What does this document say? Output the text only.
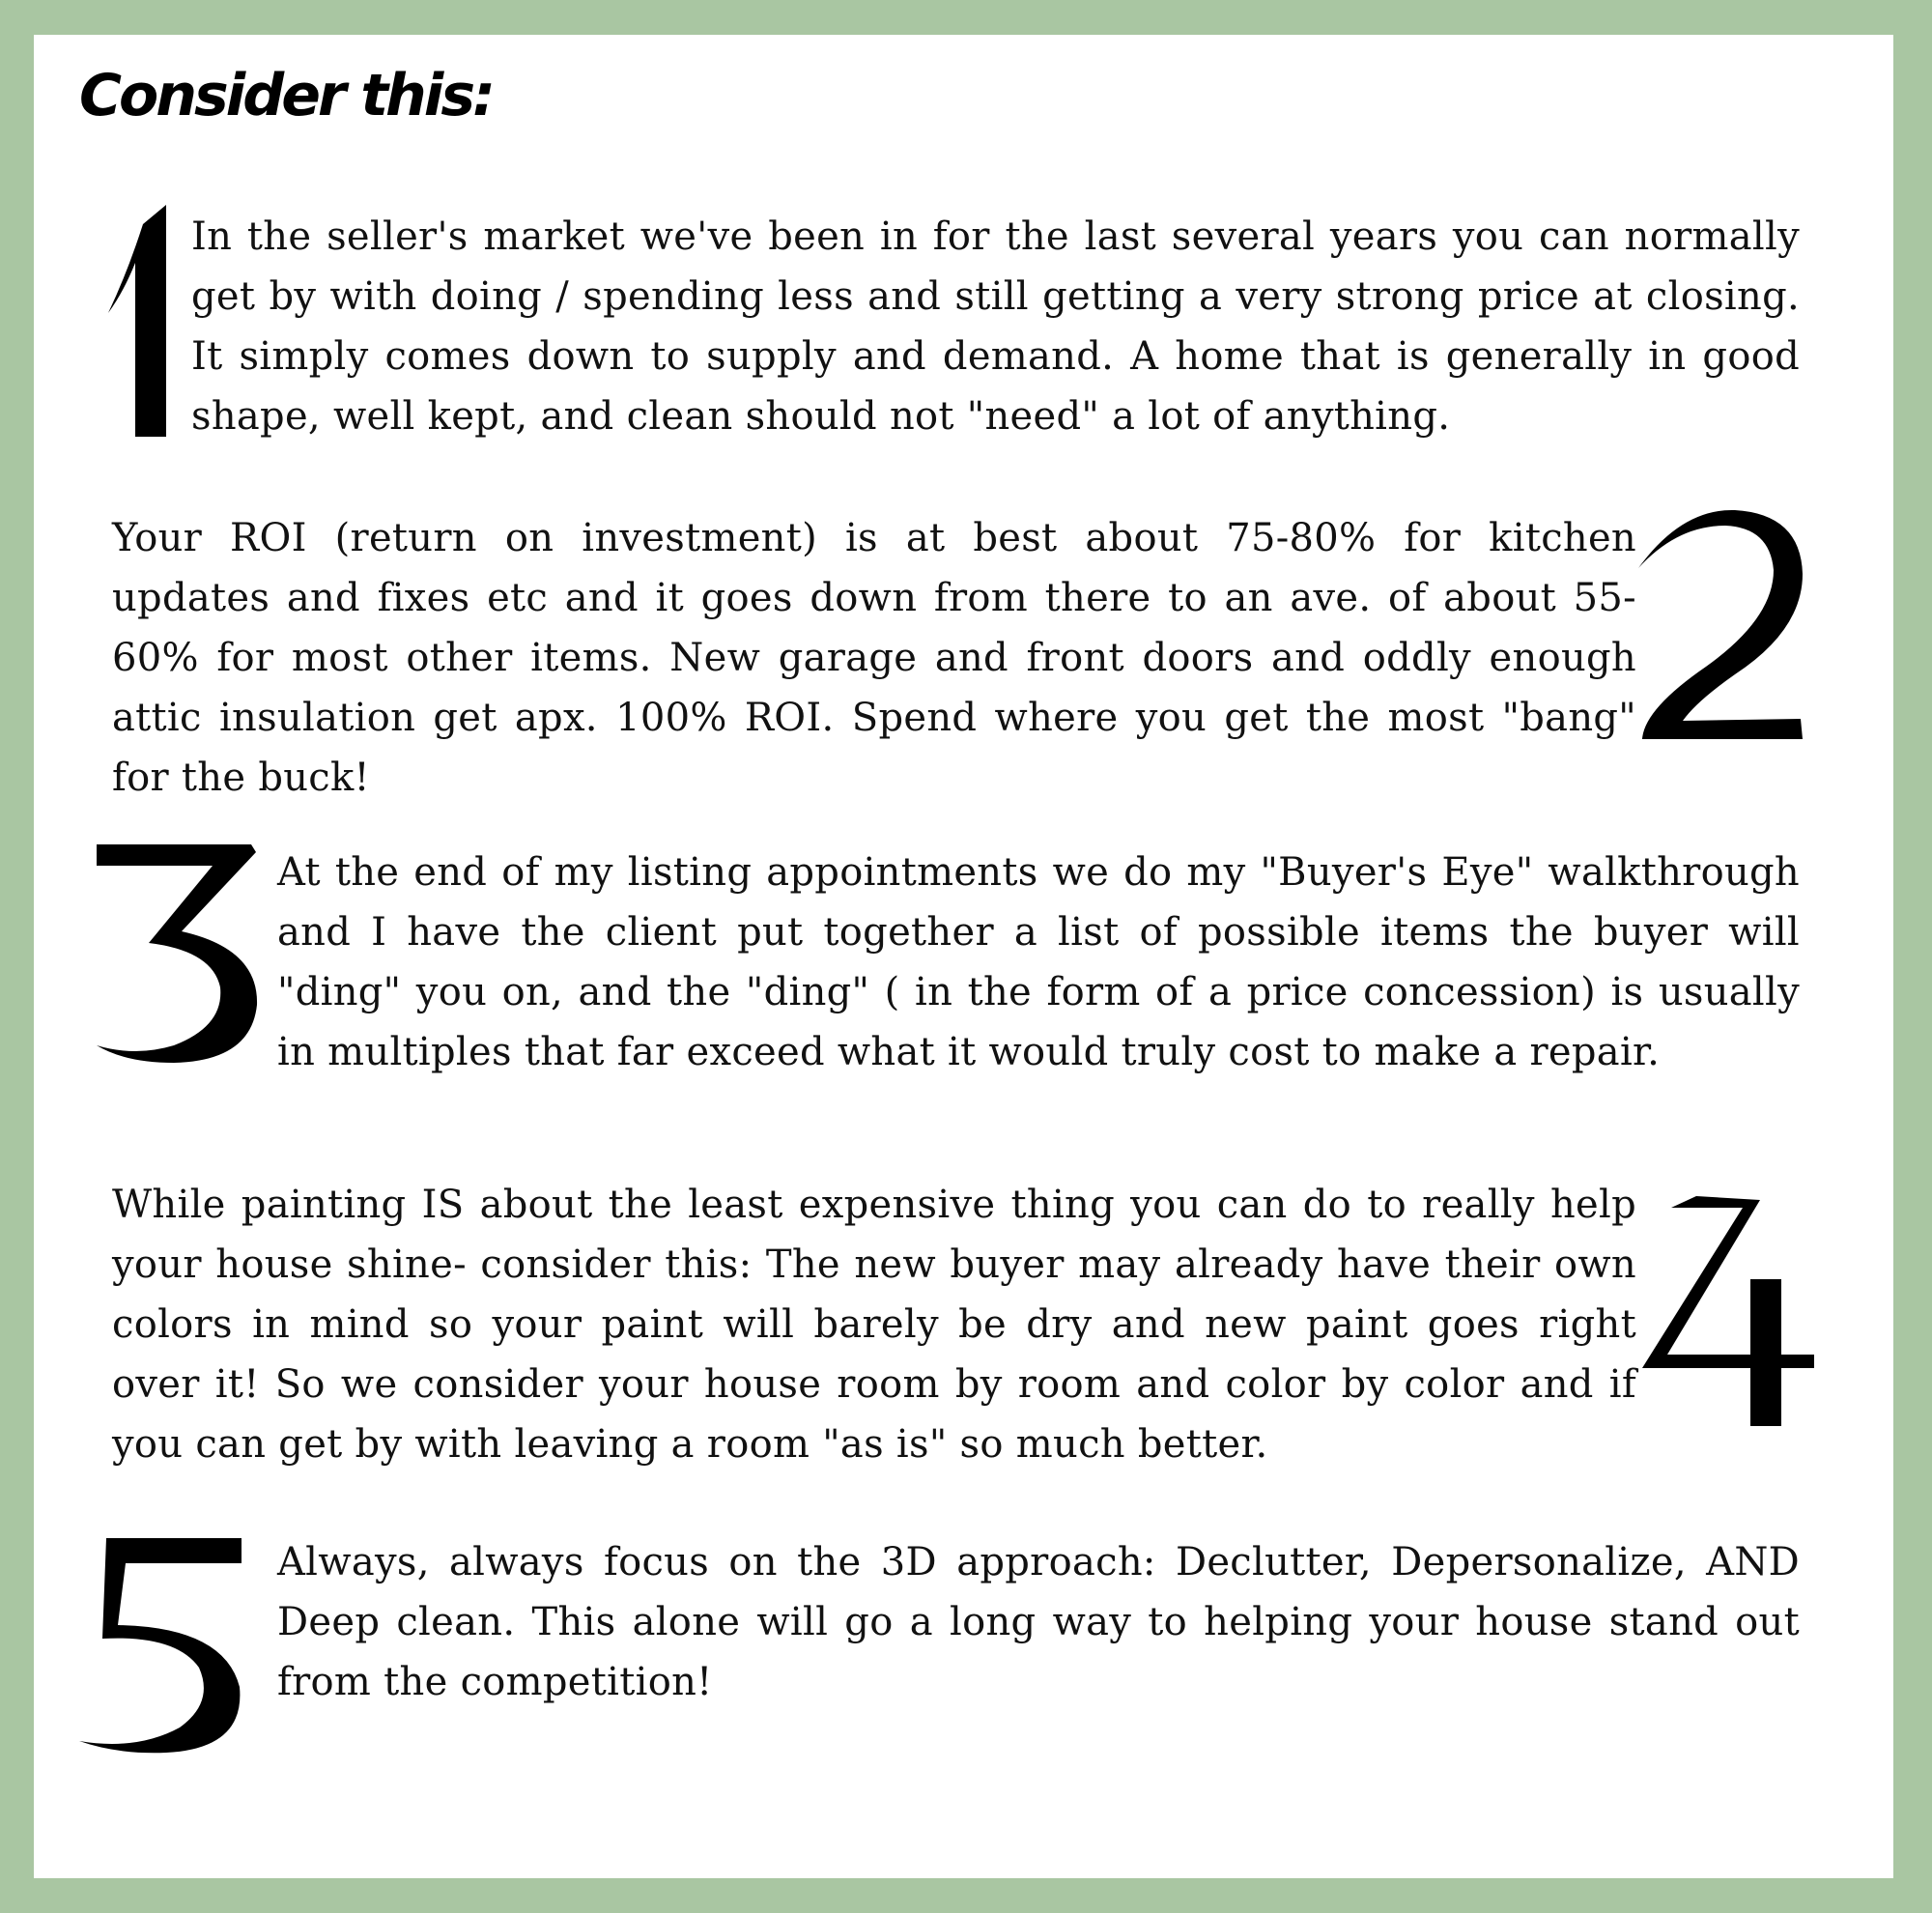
Consider this:

In the seller's market we've been in for the last several years you can normally get by with doing / spending less and still getting a very strong price at closing. It simply comes down to supply and demand. A home that is generally in good shape, well kept, and clean should not "need" a lot of anything.

Your ROI (return on investment) is at best about 75-80% for kitchen updates and fixes etc and it goes down from there to an ave. of about 55-60% for most other items. New garage and front doors and oddly enough attic insulation get apx. 100% ROI. Spend where you get the most "bang" for the buck!

At the end of my listing appointments we do my "Buyer's Eye" walkthrough and I have the client put together a list of possible items the buyer will "ding" you on, and the "ding" ( in the form of a price concession) is usually in multiples that far exceed what it would truly cost to make a repair.

While painting IS about the least expensive thing you can do to really help your house shine- consider this: The new buyer may already have their own colors in mind so your paint will barely be dry and new paint goes right over it! So we consider your house room by room and color by color and if you can get by with leaving a room "as is" so much better.

Always, always focus on the 3D approach: Declutter, Depersonalize, AND Deep clean. This alone will go a long way to helping your house stand out from the competition!
